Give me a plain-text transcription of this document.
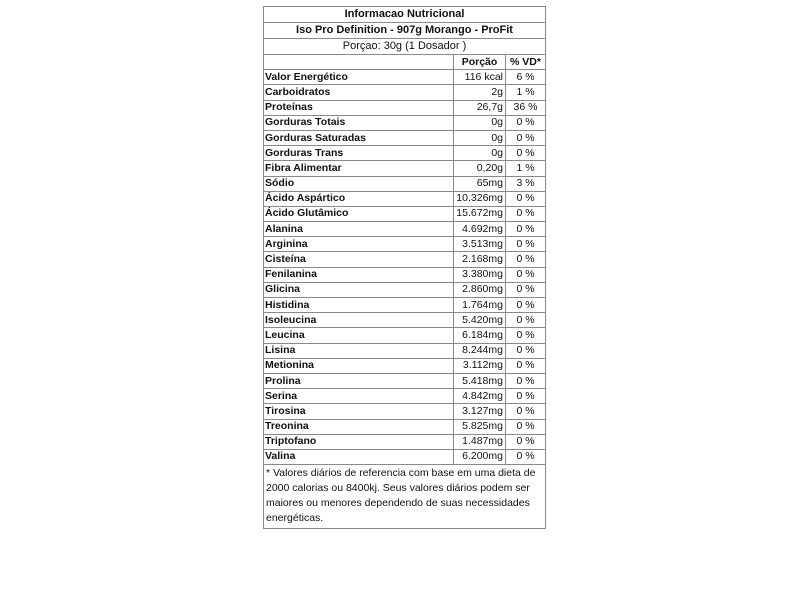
Informacao Nutricional
Iso Pro Definition - 907g Morango - ProFit
Porçao: 30g (1 Dosador )
	Porção	% VD*
Valor Energético	116 kcal	6 %
Carboidratos	2g	1 %
Proteínas	26,7g	36 %
Gorduras Totais	0g	0 %
Gorduras Saturadas	0g	0 %
Gorduras Trans	0g	0 %
Fibra Alimentar	0,20g	1 %
Sódio	65mg	3 %
Ácido Aspártico	10.326mg	0 %
Ácido Glutâmico	15.672mg	0 %
Alanina	4.692mg	0 %
Arginina	3.513mg	0 %
Cisteína	2.168mg	0 %
Fenilanina	3.380mg	0 %
Glicina	2.860mg	0 %
Histidina	1.764mg	0 %
Isoleucina	5.420mg	0 %
Leucina	6.184mg	0 %
Lisina	8.244mg	0 %
Metionina	3.112mg	0 %
Prolina	5.418mg	0 %
Serina	4.842mg	0 %
Tirosina	3.127mg	0 %
Treonina	5.825mg	0 %
Triptofano	1.487mg	0 %
Valina	6.200mg	0 %
* Valores diários de referencia com base em uma dieta de 2000 calorias ou 8400kj. Seus valores diários podem ser maiores ou menores dependendo de suas necessidades energéticas.
